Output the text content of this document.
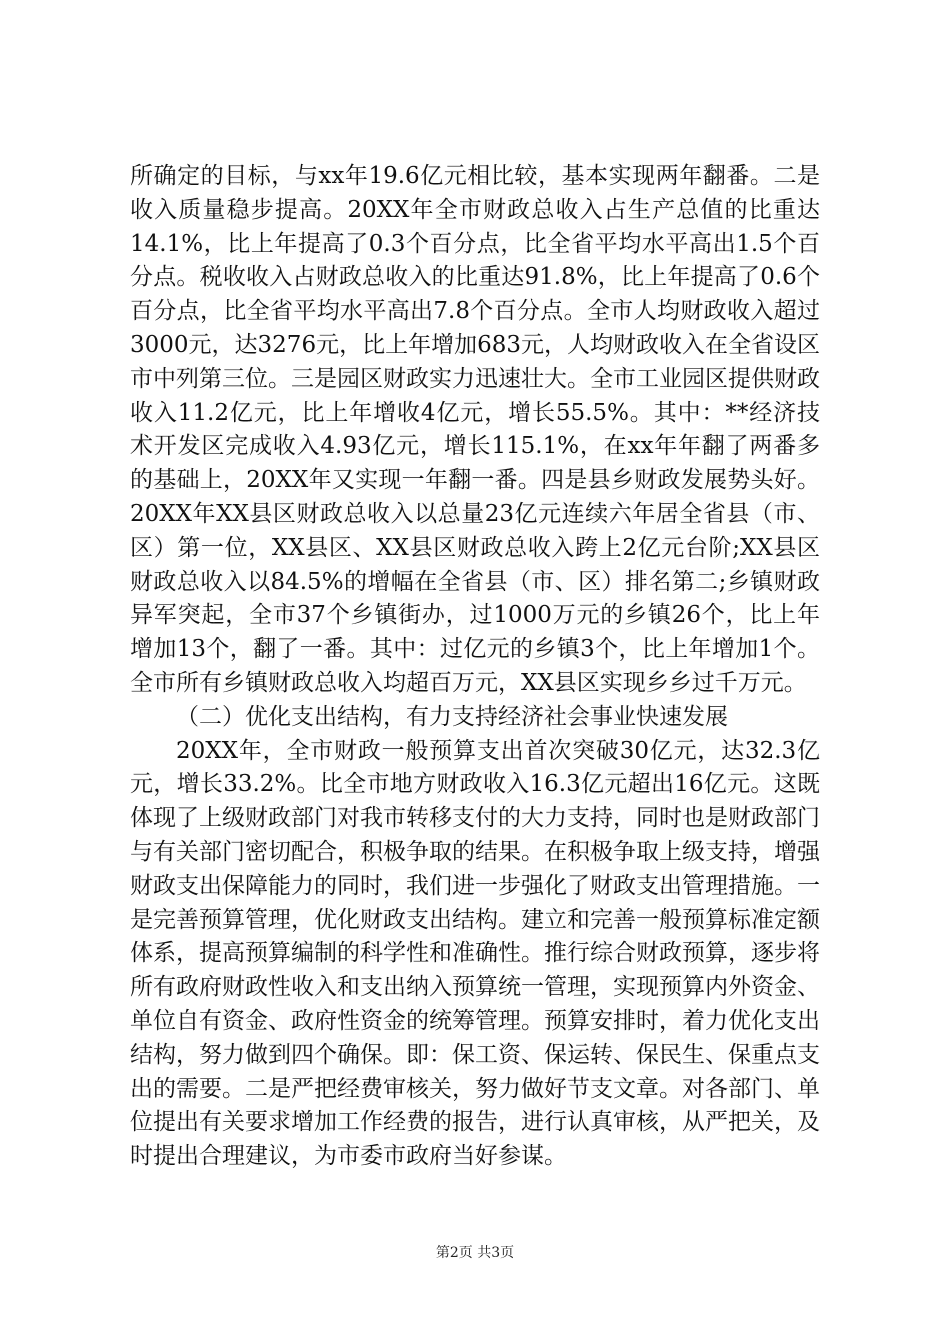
所确定的目标，与xx年19.6亿元相比较，基本实现两年翻番。二是收入质量稳步提高。20XX年全市财政总收入占生产总值的比重达14.1%，比上年提高了0.3个百分点，比全省平均水平高出1.5个百分点。税收收入占财政总收入的比重达91.8%，比上年提高了0.6个百分点，比全省平均水平高出7.8个百分点。全市人均财政收入超过3000元，达3276元，比上年增加683元，人均财政收入在全省设区市中列第三位。三是园区财政实力迅速壮大。全市工业园区提供财政收入11.2亿元，比上年增收4亿元，增长55.5%。其中：**经济技术开发区完成收入4.93亿元，增长115.1%，在xx年年翻了两番多的基础上，20XX年又实现一年翻一番。四是县乡财政发展势头好。20XX年XX县区财政总收入以总量23亿元连续六年居全省县（市、区）第一位，XX县区、XX县区财政总收入跨上2亿元台阶;XX县区财政总收入以84.5%的增幅在全省县（市、区）排名第二;乡镇财政异军突起，全市37个乡镇街办，过1000万元的乡镇26个，比上年增加13个，翻了一番。其中：过亿元的乡镇3个，比上年增加1个。全市所有乡镇财政总收入均超百万元，XX县区实现乡乡过千万元。

（二）优化支出结构，有力支持经济社会事业快速发展

20XX年，全市财政一般预算支出首次突破30亿元，达32.3亿元，增长33.2%。比全市地方财政收入16.3亿元超出16亿元。这既体现了上级财政部门对我市转移支付的大力支持，同时也是财政部门与有关部门密切配合，积极争取的结果。在积极争取上级支持，增强财政支出保障能力的同时，我们进一步强化了财政支出管理措施。一是完善预算管理，优化财政支出结构。建立和完善一般预算标准定额体系，提高预算编制的科学性和准确性。推行综合财政预算，逐步将所有政府财政性收入和支出纳入预算统一管理，实现预算内外资金、单位自有资金、政府性资金的统筹管理。预算安排时，着力优化支出结构，努力做到四个确保。即：保工资、保运转、保民生、保重点支出的需要。二是严把经费审核关，努力做好节支文章。对各部门、单位提出有关要求增加工作经费的报告，进行认真审核，从严把关，及时提出合理建议，为市委市政府当好参谋。

第2页 共3页
